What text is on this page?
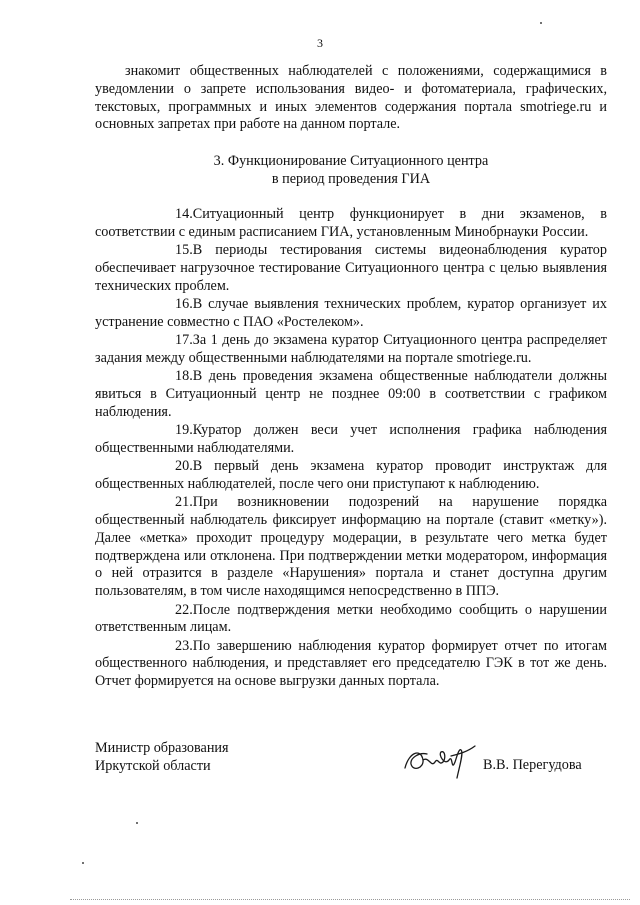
3
знакомит общественных наблюдателей с положениями, содержащимися в уведомлении о запрете использования видео- и фотоматериала, графических, текстовых, программных и иных элементов содержания портала smotriege.ru и основных запретах при работе на данном портале.
3. Функционирование Ситуационного центра
в период проведения ГИА
14.Ситуационный центр функционирует в дни экзаменов, в соответствии с единым расписанием ГИА, установленным Минобрнауки России.
15.В периоды тестирования системы видеонаблюдения куратор обеспечивает нагрузочное тестирование Ситуационного центра с целью выявления технических проблем.
16.В случае выявления технических проблем, куратор организует их устранение совместно с ПАО «Ростелеком».
17.За 1 день до экзамена куратор Ситуационного центра распределяет задания между общественными наблюдателями на портале smotriege.ru.
18.В день проведения экзамена общественные наблюдатели должны явиться в Ситуационный центр не позднее 09:00 в соответствии с графиком наблюдения.
19.Куратор должен веси учет исполнения графика наблюдения общественными наблюдателями.
20.В первый день экзамена куратор проводит инструктаж для общественных наблюдателей, после чего они приступают к наблюдению.
21.При возникновении подозрений на нарушение порядка общественный наблюдатель фиксирует информацию на портале (ставит «метку»). Далее «метка» проходит процедуру модерации, в результате чего метка будет подтверждена или отклонена. При подтверждении метки модератором, информация о ней отразится в разделе «Нарушения» портала и станет доступна другим пользователям, в том числе находящимся непосредственно в ППЭ.
22.После подтверждения метки необходимо сообщить о нарушении ответственным лицам.
23.По завершению наблюдения куратор формирует отчет по итогам общественного наблюдения, и представляет его председателю ГЭК в тот же день. Отчет формируется на основе выгрузки данных портала.
Министр образования
Иркутской области	В.В. Перегудова
